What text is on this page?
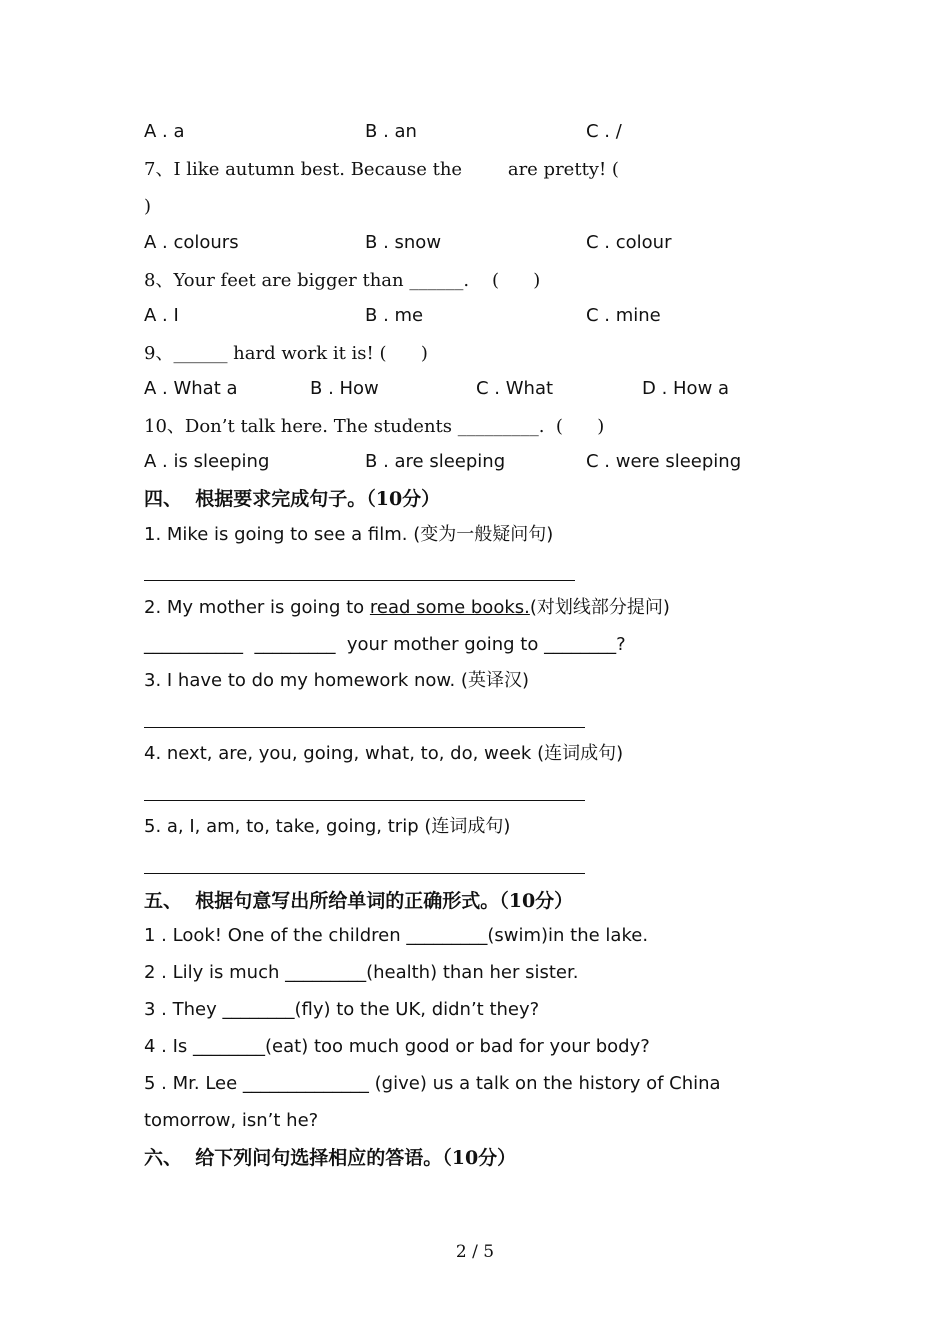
A . a	B . an	C . /
7、I like autumn best. Because the        are pretty! (
)
A . colours	B . snow	C . colour
8、Your feet are bigger than ______.    (      )
A . I	B . me	C . mine
9、______ hard work it is! (      )
A . What a	B . How	C . What	D . How a
10、Don’t talk here. The students _________.  (      )
A . is sleeping	B . are sleeping	C . were sleeping
四、  根据要求完成句子。（10分）
1. Mike is going to see a film. (变为一般疑问句)
2. My mother is going to read some books.(对划线部分提问)
___________  _________  your mother going to ________?
3. I have to do my homework now. (英译汉)
4. next, are, you, going, what, to, do, week (连词成句)
5. a, I, am, to, take, going, trip (连词成句)
五、  根据句意写出所给单词的正确形式。（10分）
1 . Look! One of the children _________(swim)in the lake.
2 . Lily is much _________(health) than her sister.
3 . They ________(fly) to the UK, didn’t they?
4 . Is ________(eat) too much good or bad for your body?
5 . Mr. Lee ______________ (give) us a talk on the history of China
tomorrow, isn’t he?
六、  给下列问句选择相应的答语。（10分）
2 / 5
